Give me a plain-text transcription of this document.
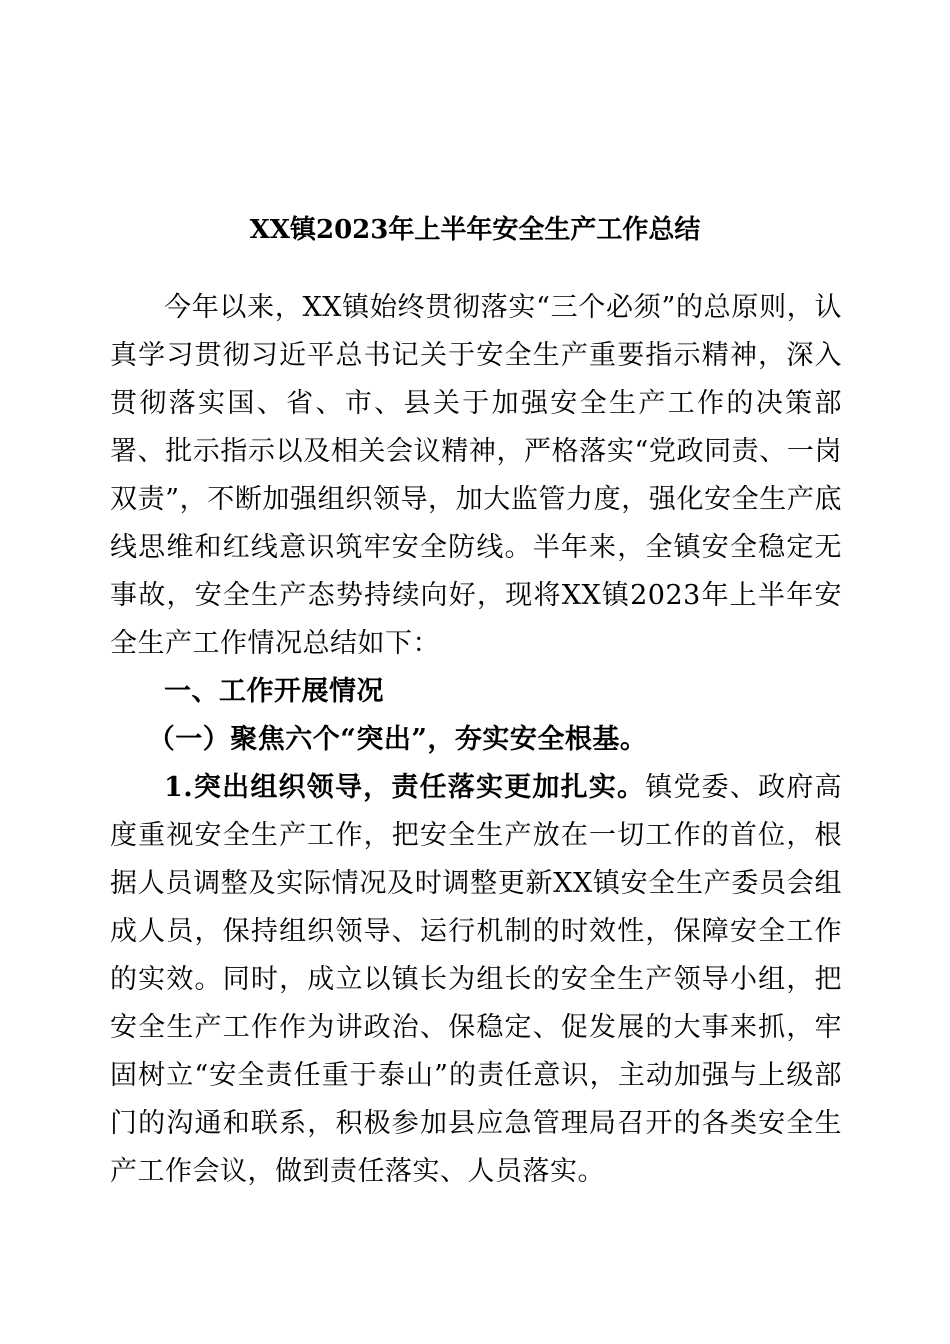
XX镇2023年上半年安全生产工作总结

今年以来，XX镇始终贯彻落实“三个必须”的总原则，认真学习贯彻习近平总书记关于安全生产重要指示精神，深入贯彻落实国、省、市、县关于加强安全生产工作的决策部署、批示指示以及相关会议精神，严格落实“党政同责、一岗双责”，不断加强组织领导，加大监管力度，强化安全生产底线思维和红线意识筑牢安全防线。半年来，全镇安全稳定无事故，安全生产态势持续向好，现将XX镇2023年上半年安全生产工作情况总结如下：

一、工作开展情况

（一）聚焦六个“突出”，夯实安全根基。

1.突出组织领导，责任落实更加扎实。镇党委、政府高度重视安全生产工作，把安全生产放在一切工作的首位，根据人员调整及实际情况及时调整更新XX镇安全生产委员会组成人员，保持组织领导、运行机制的时效性，保障安全工作的实效。同时，成立以镇长为组长的安全生产领导小组，把安全生产工作作为讲政治、保稳定、促发展的大事来抓，牢固树立“安全责任重于泰山”的责任意识，主动加强与上级部门的沟通和联系，积极参加县应急管理局召开的各类安全生产工作会议，做到责任落实、人员落实。
